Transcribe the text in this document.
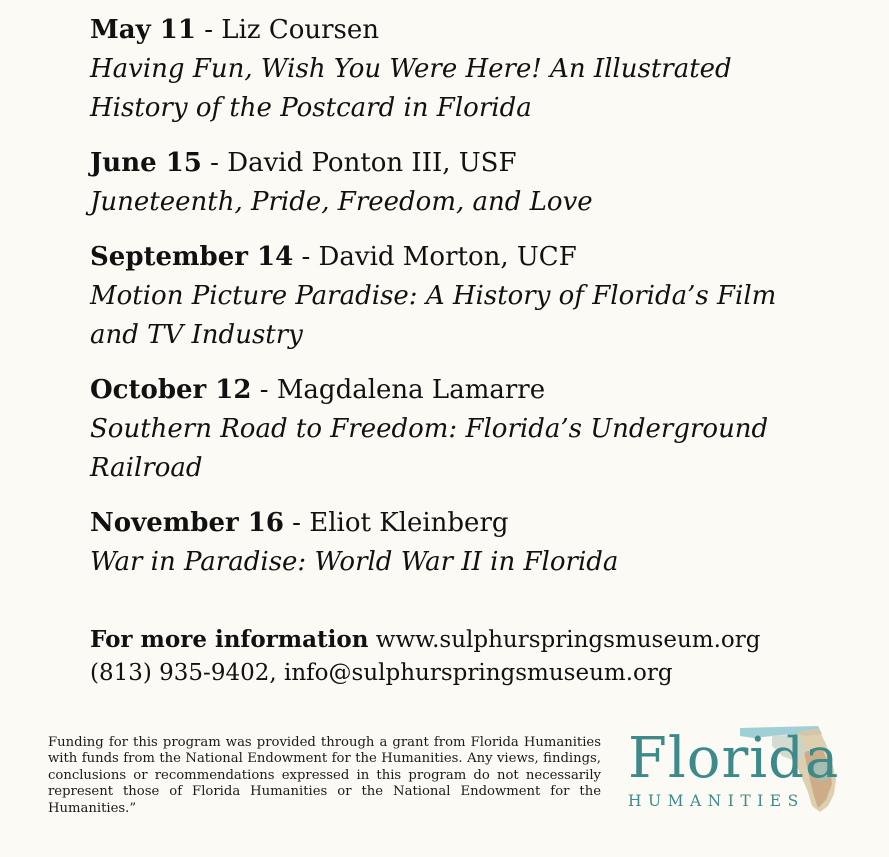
May 11 - Liz Coursen
Having Fun, Wish You Were Here! An Illustrated
History of the Postcard in Florida
June 15 - David Ponton III, USF
Juneteenth, Pride, Freedom, and Love
September 14 - David Morton, UCF
Motion Picture Paradise: A History of Florida’s Film
and TV Industry
October 12 - Magdalena Lamarre
Southern Road to Freedom: Florida’s Underground
Railroad
November 16 - Eliot Kleinberg
War in Paradise: World War II in Florida
For more information www.sulphurspringsmuseum.org
(813) 935-9402, info@sulphurspringsmuseum.org
Funding for this program was provided through a grant from Florida Humanities with funds from the National Endowment for the Humanities. Any views, findings, conclusions or recommendations expressed in this program do not necessarily represent those of Florida Humanities or the National Endowment for the Humanities.”
Florida
HUMANITIES
